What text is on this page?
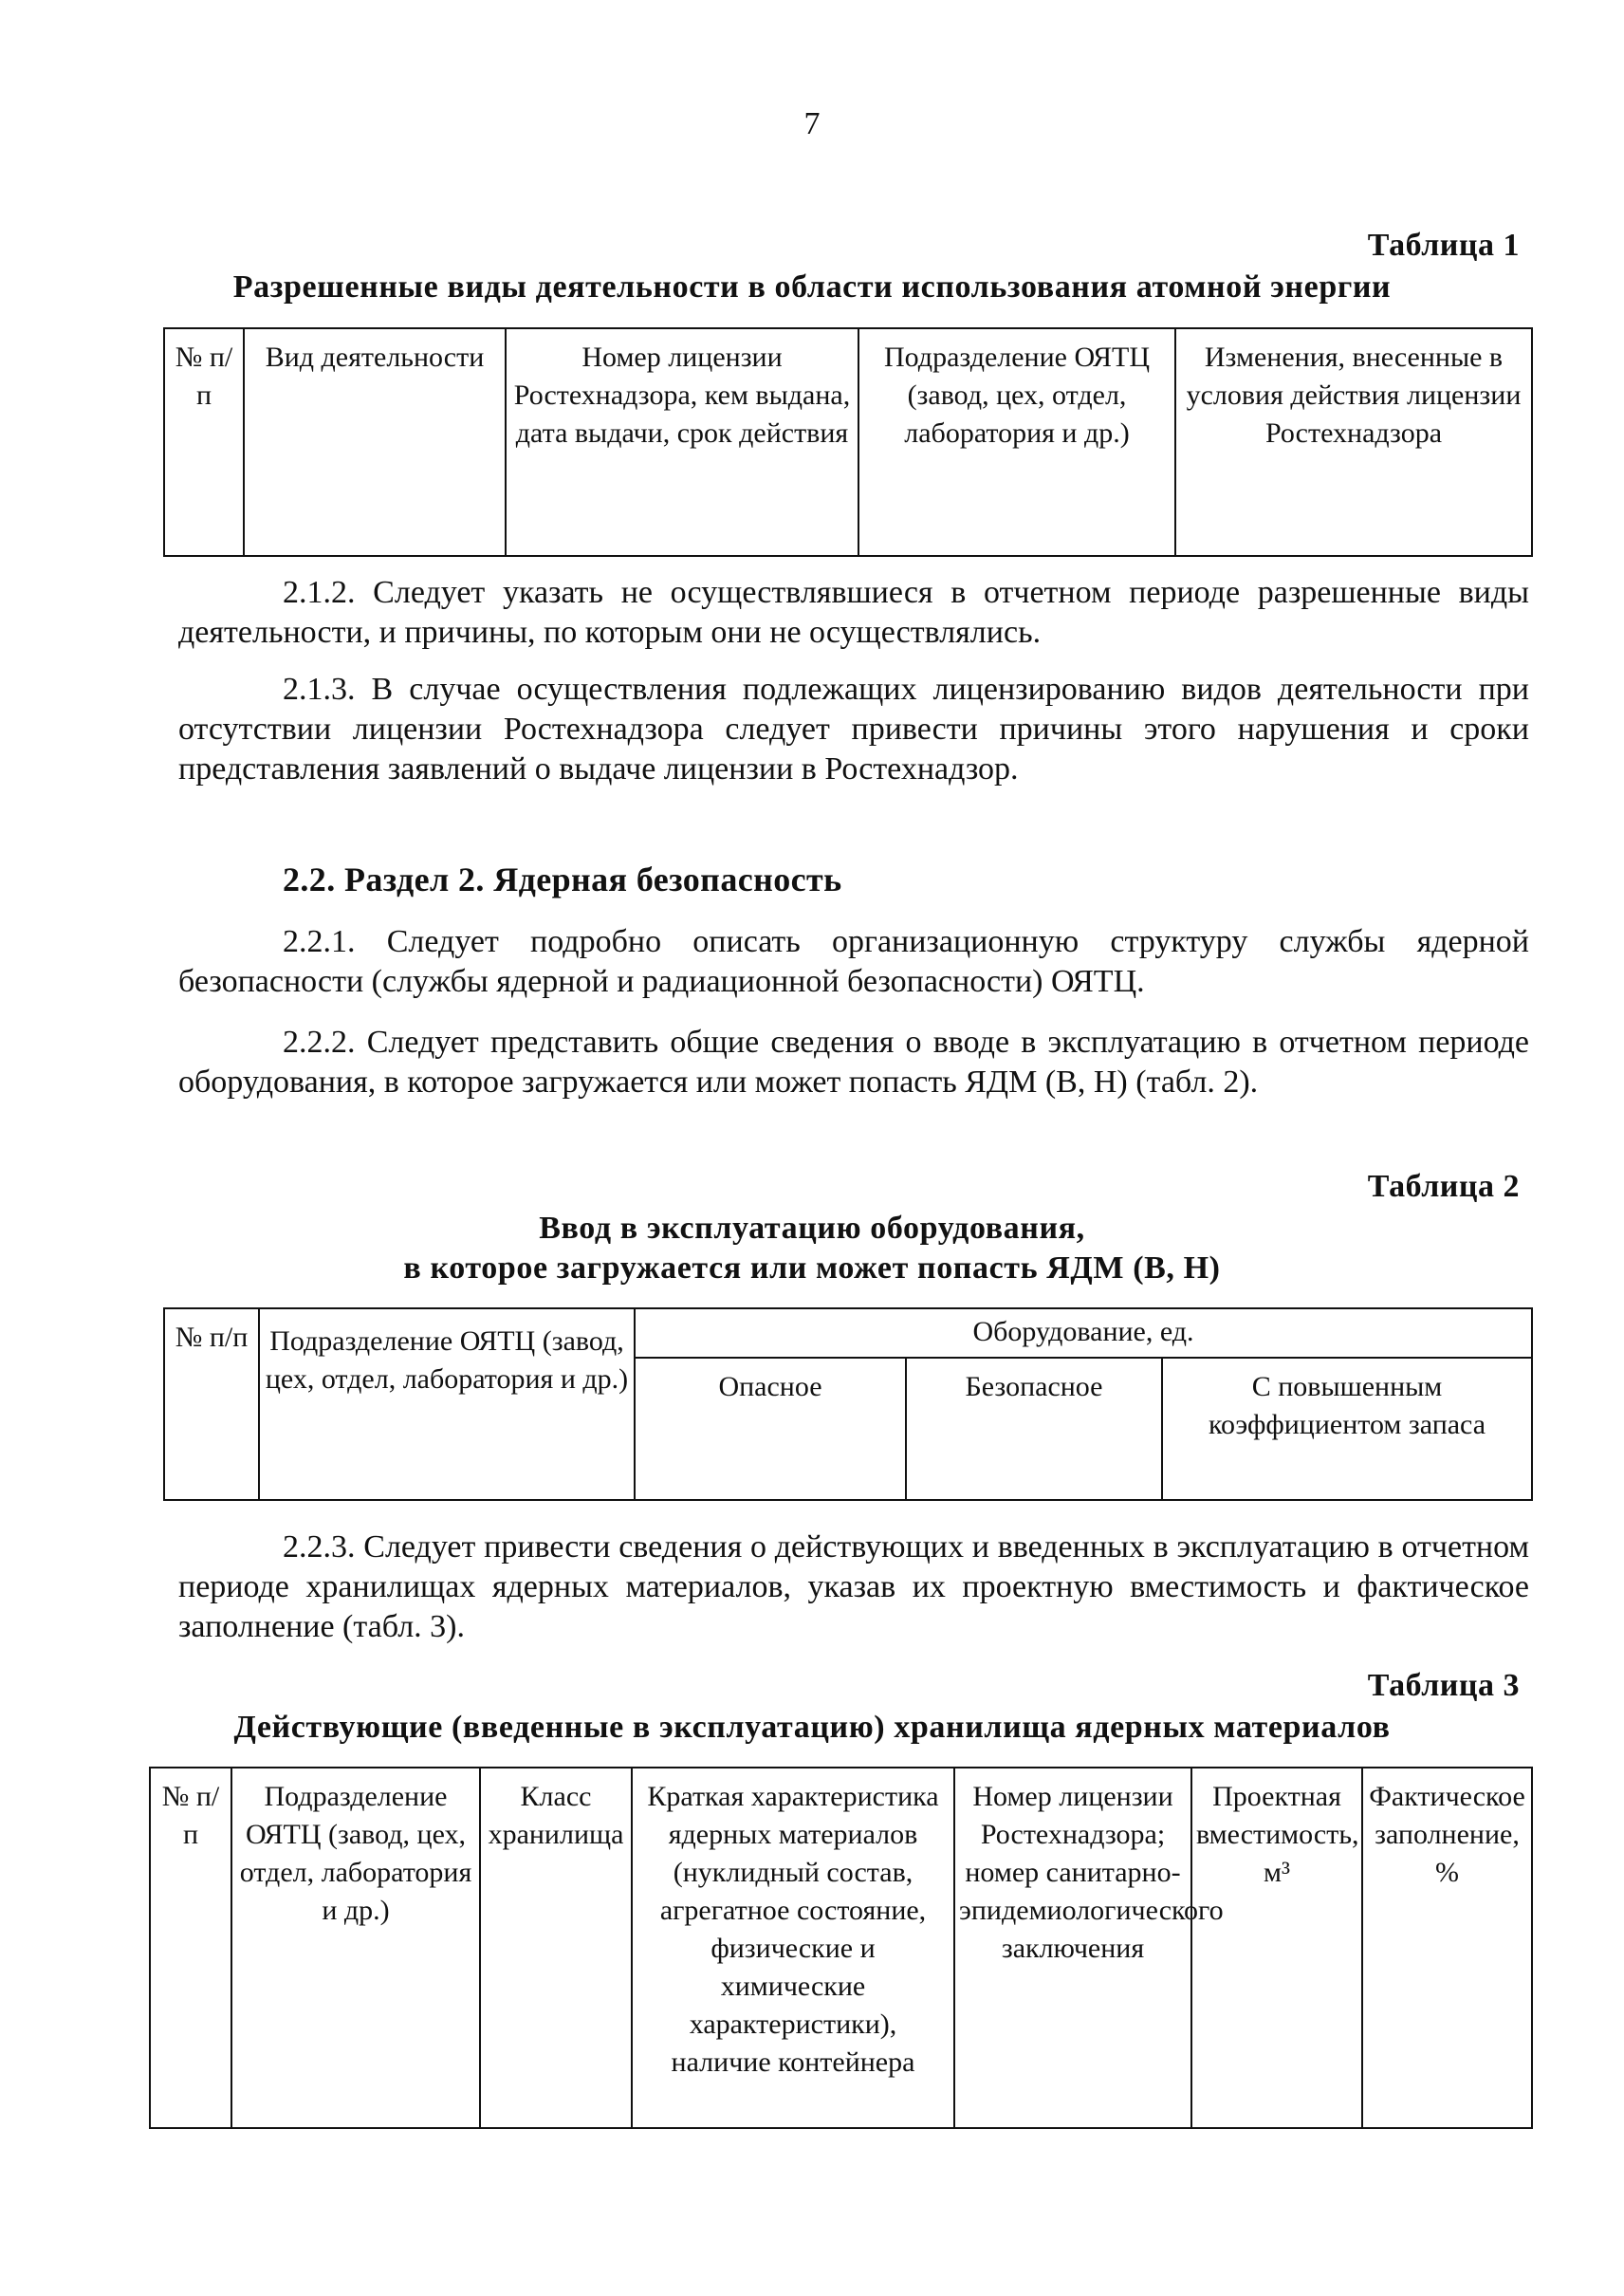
7
Таблица 1
Разрешенные виды деятельности в области использования атомной энергии
№ п/п	Вид деятельности	Номер лицензии Ростехнадзора, кем выдана, дата выдачи, срок действия	Подразделение ОЯТЦ (завод, цех, отдел, лаборатория и др.)	Изменения, внесенные в условия действия лицензии Ростехнадзора
2.1.2. Следует указать не осуществлявшиеся в отчетном периоде разрешенные виды деятельности, и причины, по которым они не осуществлялись.
2.1.3. В случае осуществления подлежащих лицензированию видов деятельности при отсутствии лицензии Ростехнадзора следует привести причины этого нарушения и сроки представления заявлений о выдаче лицензии в Ростехнадзор.
2.2. Раздел 2. Ядерная безопасность
2.2.1. Следует подробно описать организационную структуру службы ядерной безопасности (службы ядерной и радиационной безопасности) ОЯТЦ.
2.2.2. Следует представить общие сведения о вводе в эксплуатацию в отчетном периоде оборудования, в которое загружается или может попасть ЯДМ (В, Н) (табл. 2).
Таблица 2
Ввод в эксплуатацию оборудования,
в которое загружается или может попасть ЯДМ (В, Н)
№ п/п	Подразделение ОЯТЦ (завод, цех, отдел, лаборатория и др.)	Оборудование, ед.		
		Опасное	Безопасное	С повышенным коэффициентом запаса
2.2.3. Следует привести сведения о действующих и введенных в эксплуатацию в отчетном периоде хранилищах ядерных материалов, указав их проектную вместимость и фактическое заполнение (табл. 3).
Таблица 3
Действующие (введенные в эксплуатацию) хранилища ядерных материалов
№ п/п	Подразделение ОЯТЦ (завод, цех, отдел, лаборатория и др.)	Класс хранилища	Краткая характеристика ядерных материалов (нуклидный состав, агрегатное состояние, физические и химические характеристики), наличие контейнера	Номер лицензии Ростехнадзора; номер санитарно-эпидемиологического заключения	Проектная вместимость, м³	Фактическое заполнение, %
